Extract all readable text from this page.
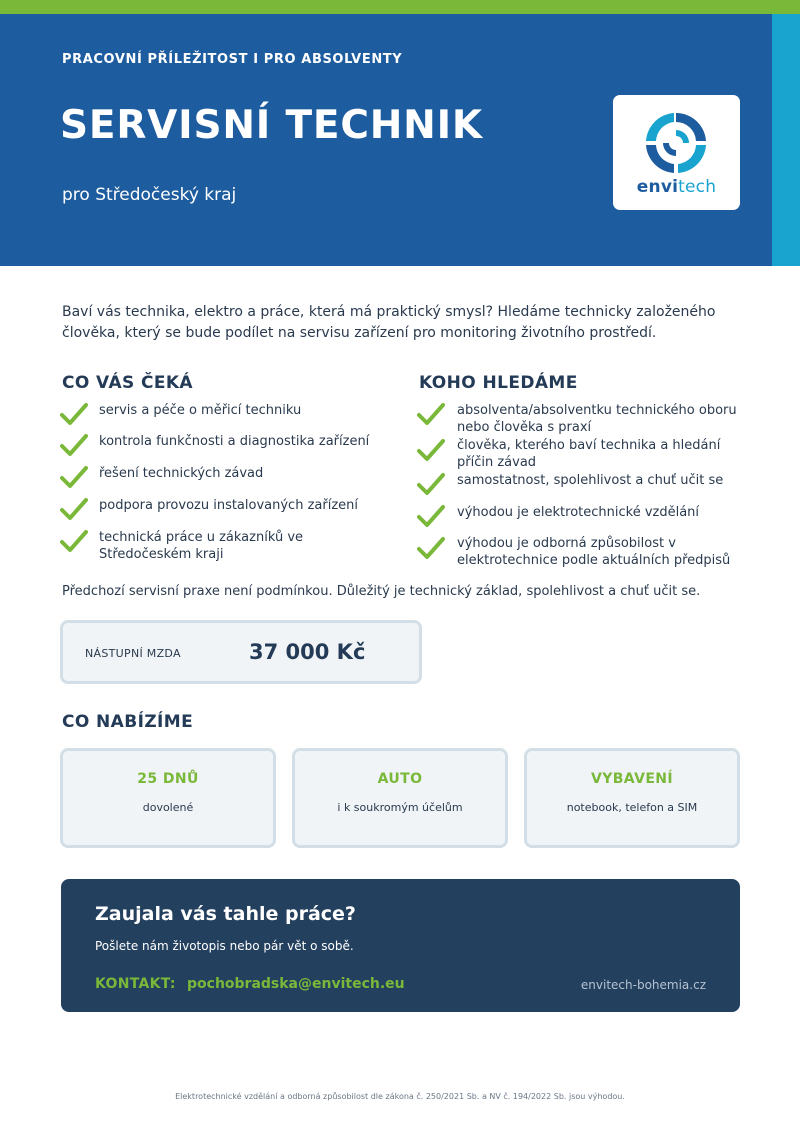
PRACOVNÍ PŘÍLEŽITOST I PRO ABSOLVENTY
SERVISNÍ TECHNIK
pro Středočeský kraj	envitech
Baví vás technika, elektro a práce, která má praktický smysl? Hledáme technicky založeného člověka, který se bude podílet na servisu zařízení pro monitoring životního prostředí.
CO VÁS ČEKÁ
servis a péče o měřicí techniku
kontrola funkčnosti a diagnostika zařízení
řešení technických závad
podpora provozu instalovaných zařízení
technická práce u zákazníků ve Středočeském kraji
KOHO HLEDÁME
absolventa/absolventku technického oboru nebo člověka s praxí
člověka, kterého baví technika a hledání příčin závad
samostatnost, spolehlivost a chuť učit se
výhodou je elektrotechnické vzdělání
výhodou je odborná způsobilost v elektrotechnice podle aktuálních předpisů
Předchozí servisní praxe není podmínkou. Důležitý je technický základ, spolehlivost a chuť učit se.
NÁSTUPNÍ MZDA	37 000 Kč
CO NABÍZÍME
25 DNŮ
dovolené
AUTO
i k soukromým účelům
VYBAVENÍ
notebook, telefon a SIM
Zaujala vás tahle práce?
Pošlete nám životopis nebo pár vět o sobě.
KONTAKT: pochobradska@envitech.eu	envitech-bohemia.cz
Elektrotechnické vzdělání a odborná způsobilost dle zákona č. 250/2021 Sb. a NV č. 194/2022 Sb. jsou výhodou.
